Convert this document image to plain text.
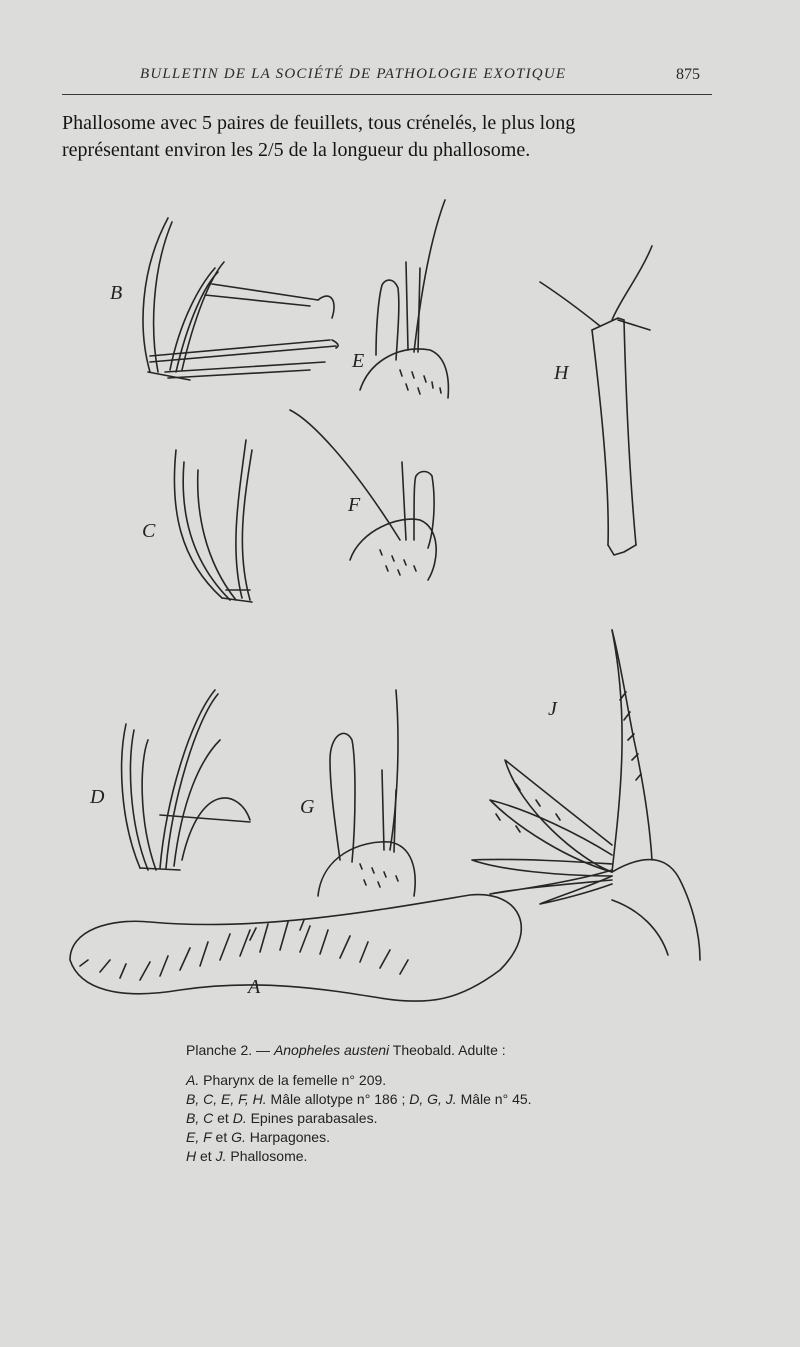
BULLETIN DE LA SOCIÉTÉ DE PATHOLOGIE EXOTIQUE	875
Phallosome avec 5 paires de feuillets, tous crénelés, le plus long
représentant environ les 2/5 de la longueur du phallosome.
B
E
H
C
F
D	G
J
A
Planche 2. — Anopheles austeni Theobald. Adulte :
A. Pharynx de la femelle n° 209.
B, C, E, F, H. Mâle allotype n° 186 ; D, G, J. Mâle n° 45.
B, C et D. Epines parabasales.
E, F et G. Harpagones.
H et J. Phallosome.
